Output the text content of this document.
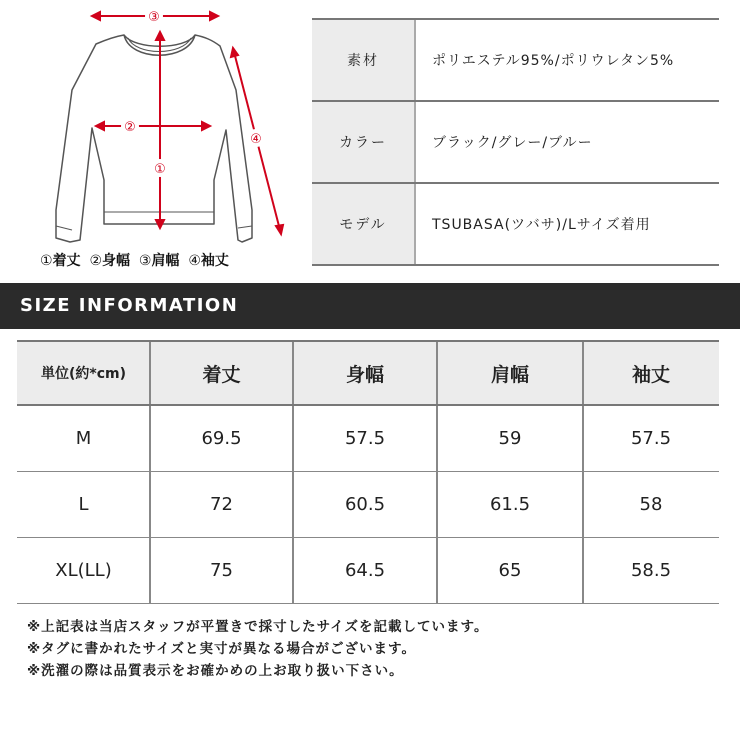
③
②
①
④
①着丈 ②身幅 ③肩幅 ④袖丈
素材	ポリエステル95%/ポリウレタン5%
カラー	ブラック/グレー/ブルー
モデル	TSUBASA(ツバサ)/Lサイズ着用
SIZE INFORMATION
単位(約*cm)	着丈	身幅	肩幅	袖丈
M	69.5	57.5	59	57.5
L	72	60.5	61.5	58
XL(LL)	75	64.5	65	58.5
※上記表は当店スタッフが平置きで採寸したサイズを記載しています。
※タグに書かれたサイズと実寸が異なる場合がございます。
※洗濯の際は品質表示をお確かめの上お取り扱い下さい。
